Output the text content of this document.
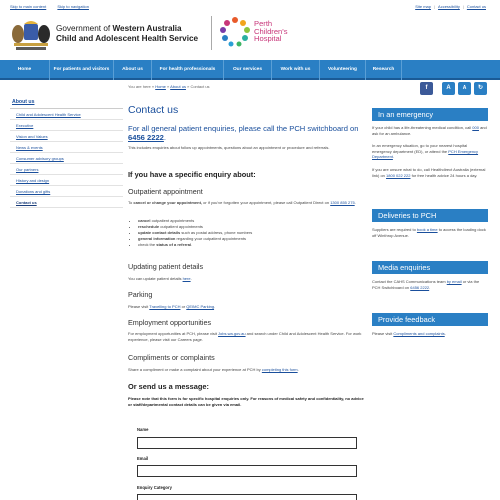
Skip to main content	Skip to navigation	Site map | Accessibility | Contact us
Government of Western Australia
Child and Adolescent Health Service
Perth
Children's
Hospital
Home	For patients and visitors	About us	For health professionals	Our services	Work with us	Volunteering	Research
f	A	A	↻
About us
Child and Adolescent Health Service
Executive
Vision and Values
News & events
Consumer advisory groups
Our partners
History and design
Donations and gifts
Contact us
You are here » Home » About us » Contact us
Contact us
For all general patient enquiries, please call the PCH switchboard on 6456 2222.
This includes enquiries about follow up appointments, questions about an appointment or procedure and referrals.
If you have a specific enquiry about:
Outpatient appointment
To cancel or change your appointment, or if you've forgotten your appointment, please call Outpatient Direct on 1300 855 275.
• cancel outpatient appointments
• reschedule outpatient appointments
• update contact details such as postal address, phone numbers
• general information regarding your outpatient appointments
• check the status of a referral.
Updating patient details
You can update patient details here.
Parking
Please visit Travelling to PCH or QEIMC Parking.
Employment opportunities
For employment opportunities at PCH, please visit Jobs.wa.gov.au and search under Child and Adolescent Health Service. For work experience, please visit our Careers page.
Compliments or complaints
Share a compliment or make a complaint about your experience at PCH by completing this form.
Or send us a message:
Please note that this form is for specific hospital enquiries only. For reasons of medical safety and confidentiality, no advice or staff/departmental contact details can be given via email.
Name
Email
Enquiry Category
In an emergency
If your child has a life-threatening medical condition, call 000 and ask for an ambulance.
In an emergency situation, go to your nearest hospital emergency department (ED), or attend the PCH Emergency Department.
If you are unsure what to do, call Healthdirect Australia (external link) on 1800 022 222 for free health advice 24 hours a day.
Deliveries to PCH
Suppliers are required to book a time to access the loading dock off Winthrop Avenue.
Media enquiries
Contact the CAHS Communications team by email or via the PCH Switchboard on 6456 2222.
Provide feedback
Please visit Compliments and complaints.
